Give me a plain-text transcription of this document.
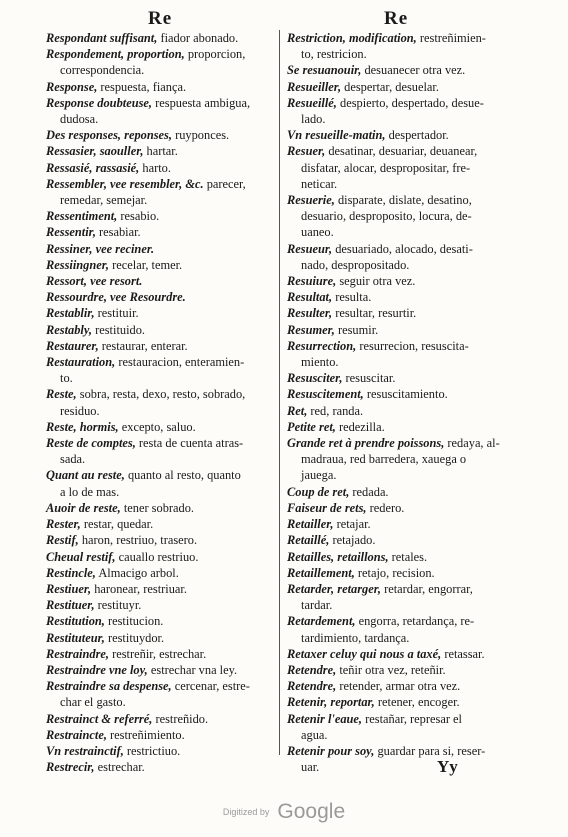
Re	Re
Respondant suffisant, fiador abonado.
Respondement, proportion, proporcion,
correspondencia.
Response, respuesta, fiança.
Response doubteuse, respuesta ambigua,
dudosa.
Des responses, reponses, ruyponces.
Ressasier, saouller, hartar.
Ressasié, rassasié, harto.
Ressembler, vee resembler, &c. parecer,
remedar, semejar.
Ressentiment, resabio.
Ressentir, resabiar.
Ressiner, vee reciner.
Ressiingner, recelar, temer.
Ressort, vee resort.
Ressourdre, vee Resourdre.
Restablir, restituir.
Restably, restituido.
Restaurer, restaurar, enterar.
Restauration, restauracion, enteramien-
to.
Reste, sobra, resta, dexo, resto, sobrado,
residuo.
Reste, hormis, excepto, saluo.
Reste de comptes, resta de cuenta atras-
sada.
Quant au reste, quanto al resto, quanto
a lo de mas.
Auoir de reste, tener sobrado.
Rester, restar, quedar.
Restif, haron, restriuo, trasero.
Cheual restif, cauallo restriuo.
Restincle, Almacigo arbol.
Restiuer, haronear, restriuar.
Restituer, restituyr.
Restitution, restitucion.
Restituteur, restituydor.
Restraindre, restreñir, estrechar.
Restraindre vne loy, estrechar vna ley.
Restraindre sa despense, cercenar, estre-
char el gasto.
Restrainct & referré, restreñido.
Restraincte, restreñimiento.
Vn restrainctif, restrictiuo.
Restrecir, estrechar.
Restriction, modification, restreñimien-
to, restricion.
Se resuanouir, desuanecer otra vez.
Resueiller, despertar, desuelar.
Resueillé, despierto, despertado, desue-
lado.
Vn resueille-matin, despertador.
Resuer, desatinar, desuariar, deuanear,
disfatar, alocar, despropositar, fre-
neticar.
Resuerie, disparate, dislate, desatino,
desuario, desproposito, locura, de-
uaneo.
Resueur, desuariado, alocado, desati-
nado, despropositado.
Resuiure, seguir otra vez.
Resultat, resulta.
Resulter, resultar, resurtir.
Resumer, resumir.
Resurrection, resurrecion, resuscita-
miento.
Resusciter, resuscitar.
Resuscitement, resuscitamiento.
Ret, red, randa.
Petite ret, redezilla.
Grande ret à prendre poissons, redaya, al-
madraua, red barredera, xauega o
jauega.
Coup de ret, redada.
Faiseur de rets, redero.
Retailler, retajar.
Retaillé, retajado.
Retailles, retaillons, retales.
Retaillement, retajo, recision.
Retarder, retarger, retardar, engorrar,
tardar.
Retardement, engorra, retardança, re-
tardimiento, tardança.
Retaxer celuy qui nous a taxé, retassar.
Retendre, teñir otra vez, reteñir.
Retendre, retender, armar otra vez.
Retenir, reportar, retener, encoger.
Retenir l'eaue, restañar, represar el
agua.
Retenir pour soy, guardar para si, reser-
uar.	Yy
Digitized by Google
